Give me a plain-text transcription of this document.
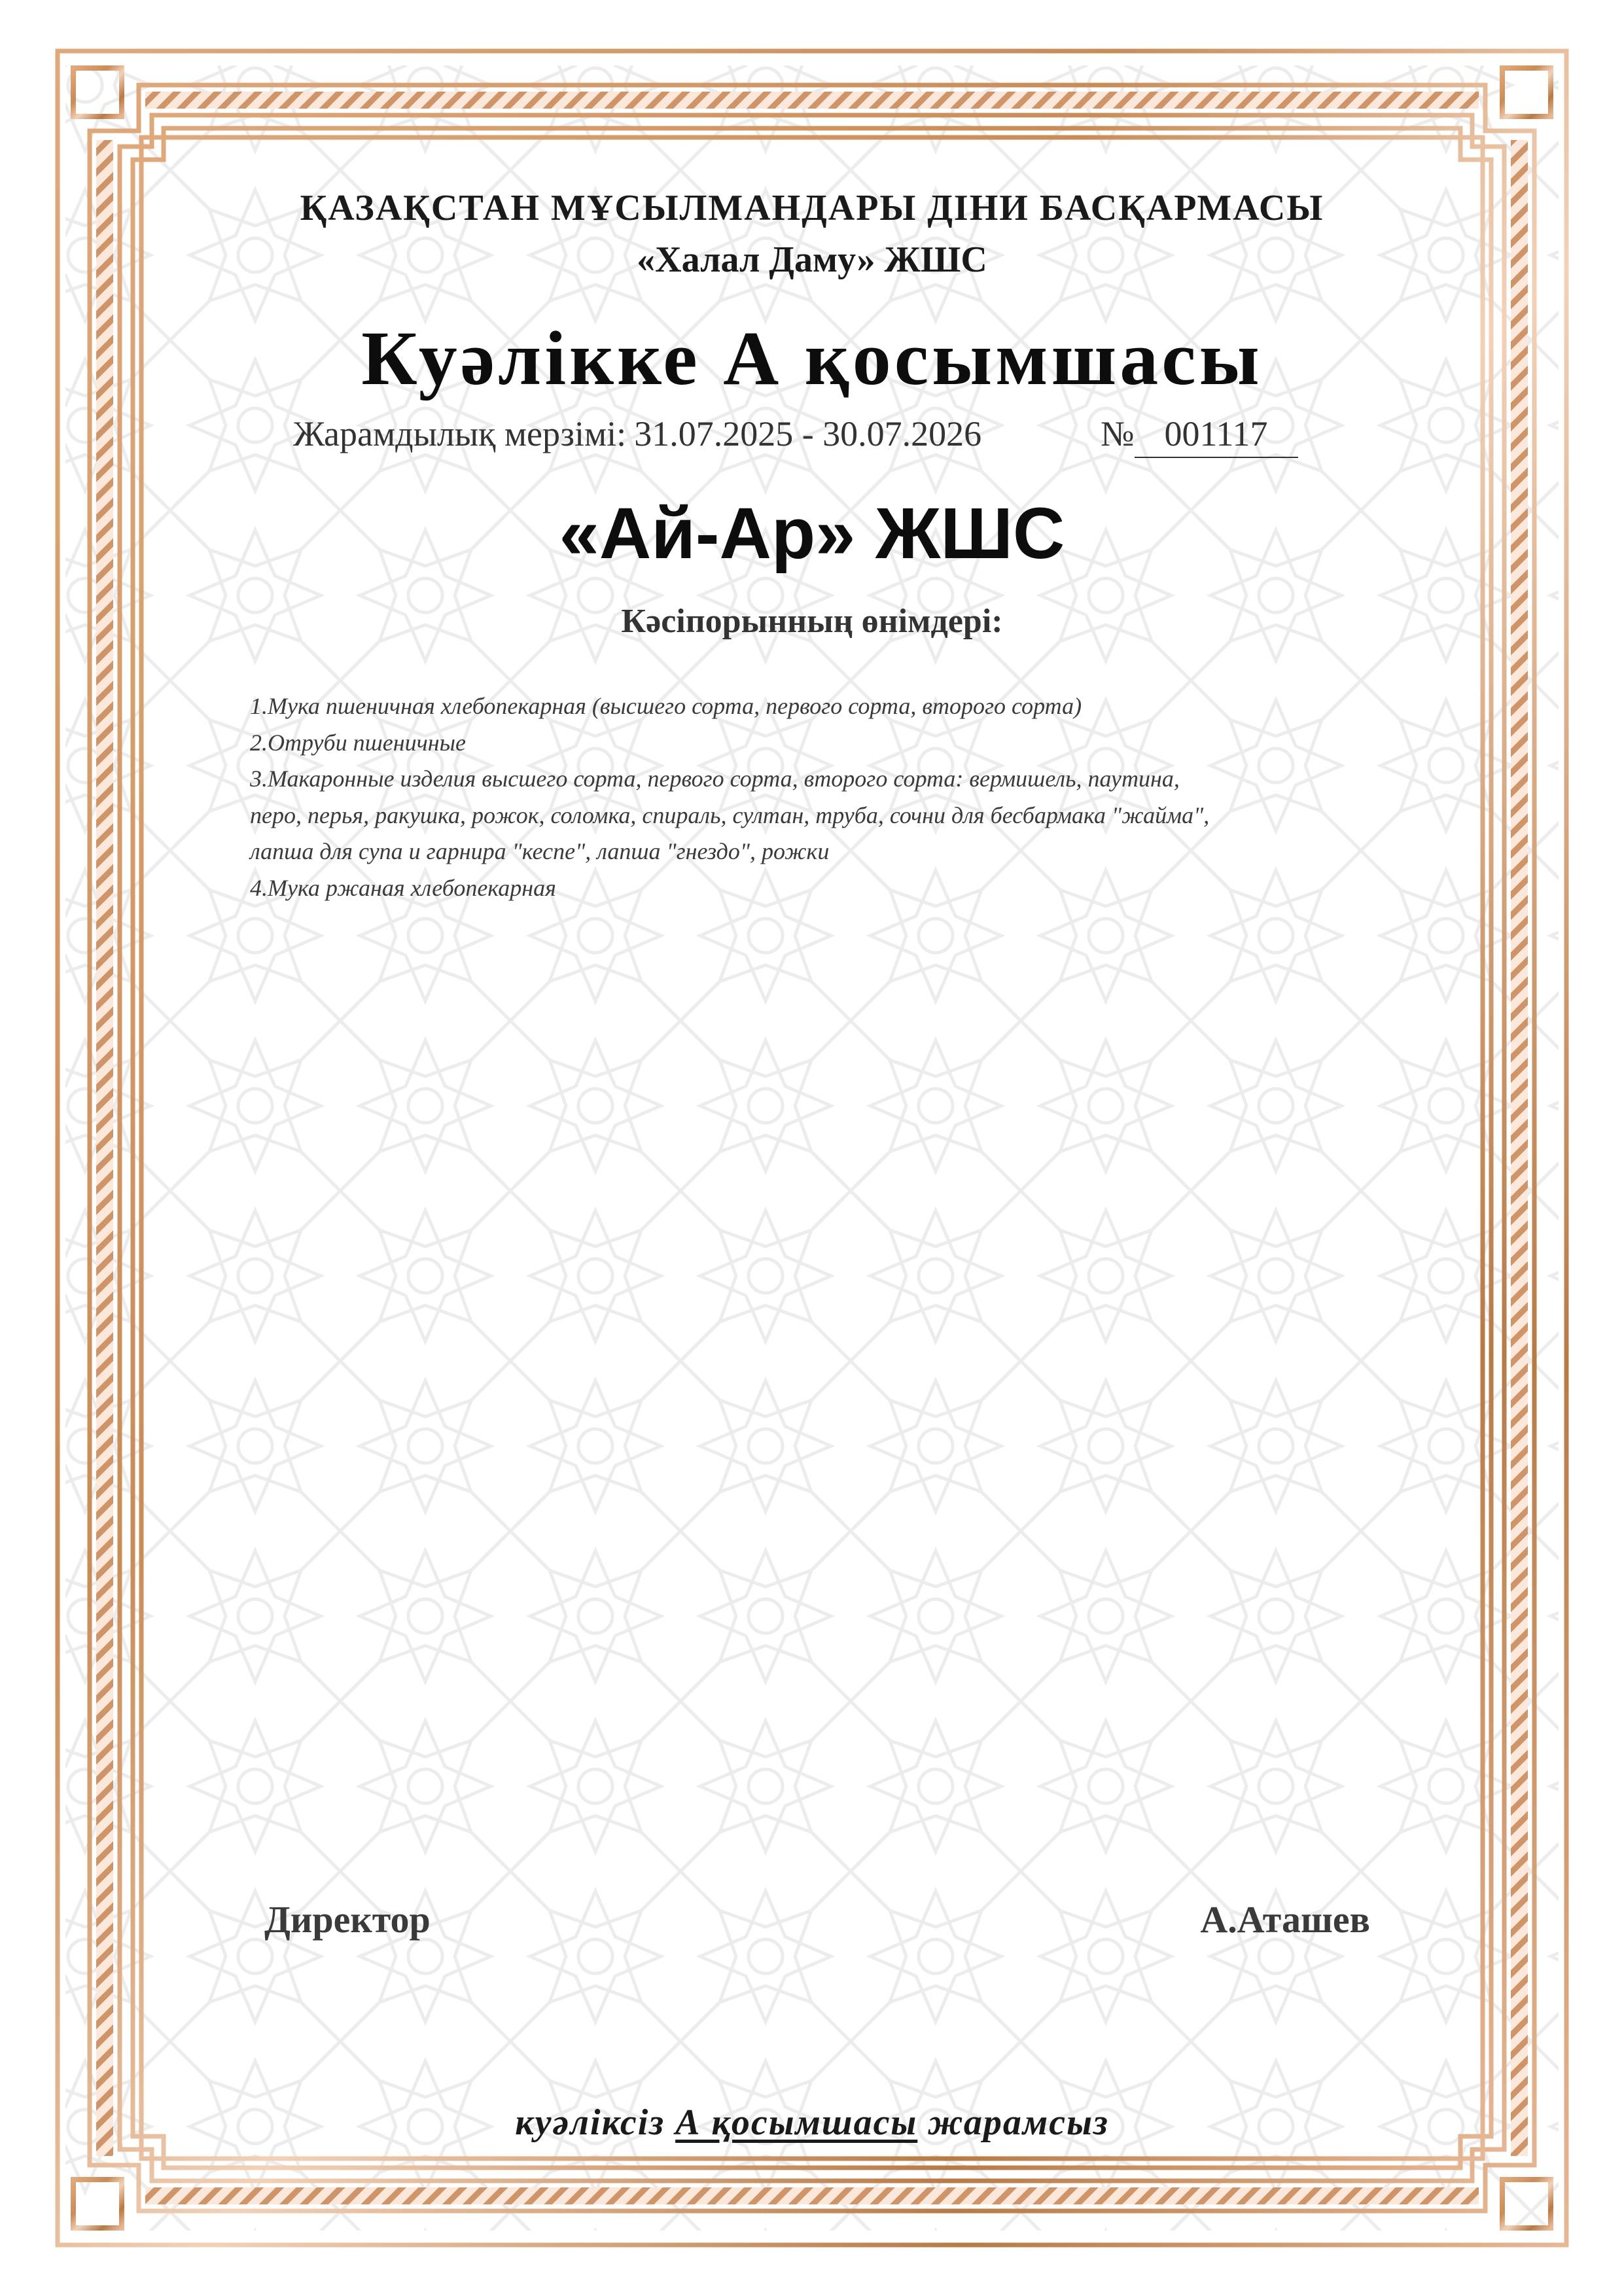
ҚАЗАҚСТАН МҰСЫЛМАНДАРЫ ДІНИ БАСҚАРМАСЫ
«Халал Даму» ЖШС
Куәлікке А қосымшасы
Жарамдылық мерзімі: 31.07.2025 - 30.07.2026	№ 001117
«Ай-Ар» ЖШС
Кәсіпорынның өнімдері:
1.Мука пшеничная хлебопекарная (высшего сорта, первого сорта, второго сорта)
2.Отруби пшеничные
3.Макаронные изделия высшего сорта, первого сорта, второго сорта: вермишель, паутина,
перо, перья, ракушка, рожок, соломка, спираль, султан, труба, сочни для бесбармака "жайма",
лапша для супа и гарнира "кеспе", лапша "гнездо", рожки
4.Мука ржаная хлебопекарная
Директор	А.Аташев
куәліксіз А қосымшасы жарамсыз
